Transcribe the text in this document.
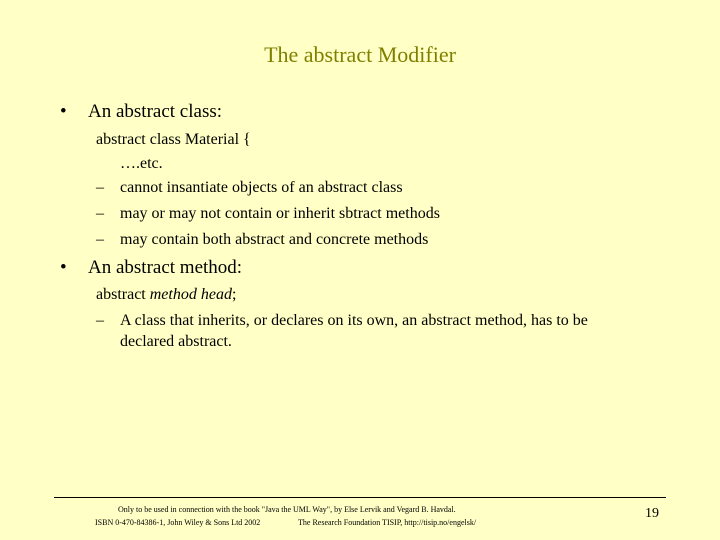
The abstract Modifier
• An abstract class:
abstract class Material {
….etc.
– cannot insantiate objects of an abstract class
– may or may not contain or inherit sbtract methods
– may contain both abstract and concrete methods
• An abstract method:
abstract method head;
– A class that inherits, or declares on its own, an abstract method, has to be
declared abstract.
Only to be used in connection with the book "Java the UML Way", by Else Lervik and Vegard B. Havdal.
ISBN 0-470-84386-1, John Wiley & Sons Ltd 2002	The Research Foundation TISIP, http://tisip.no/engelsk/
19
